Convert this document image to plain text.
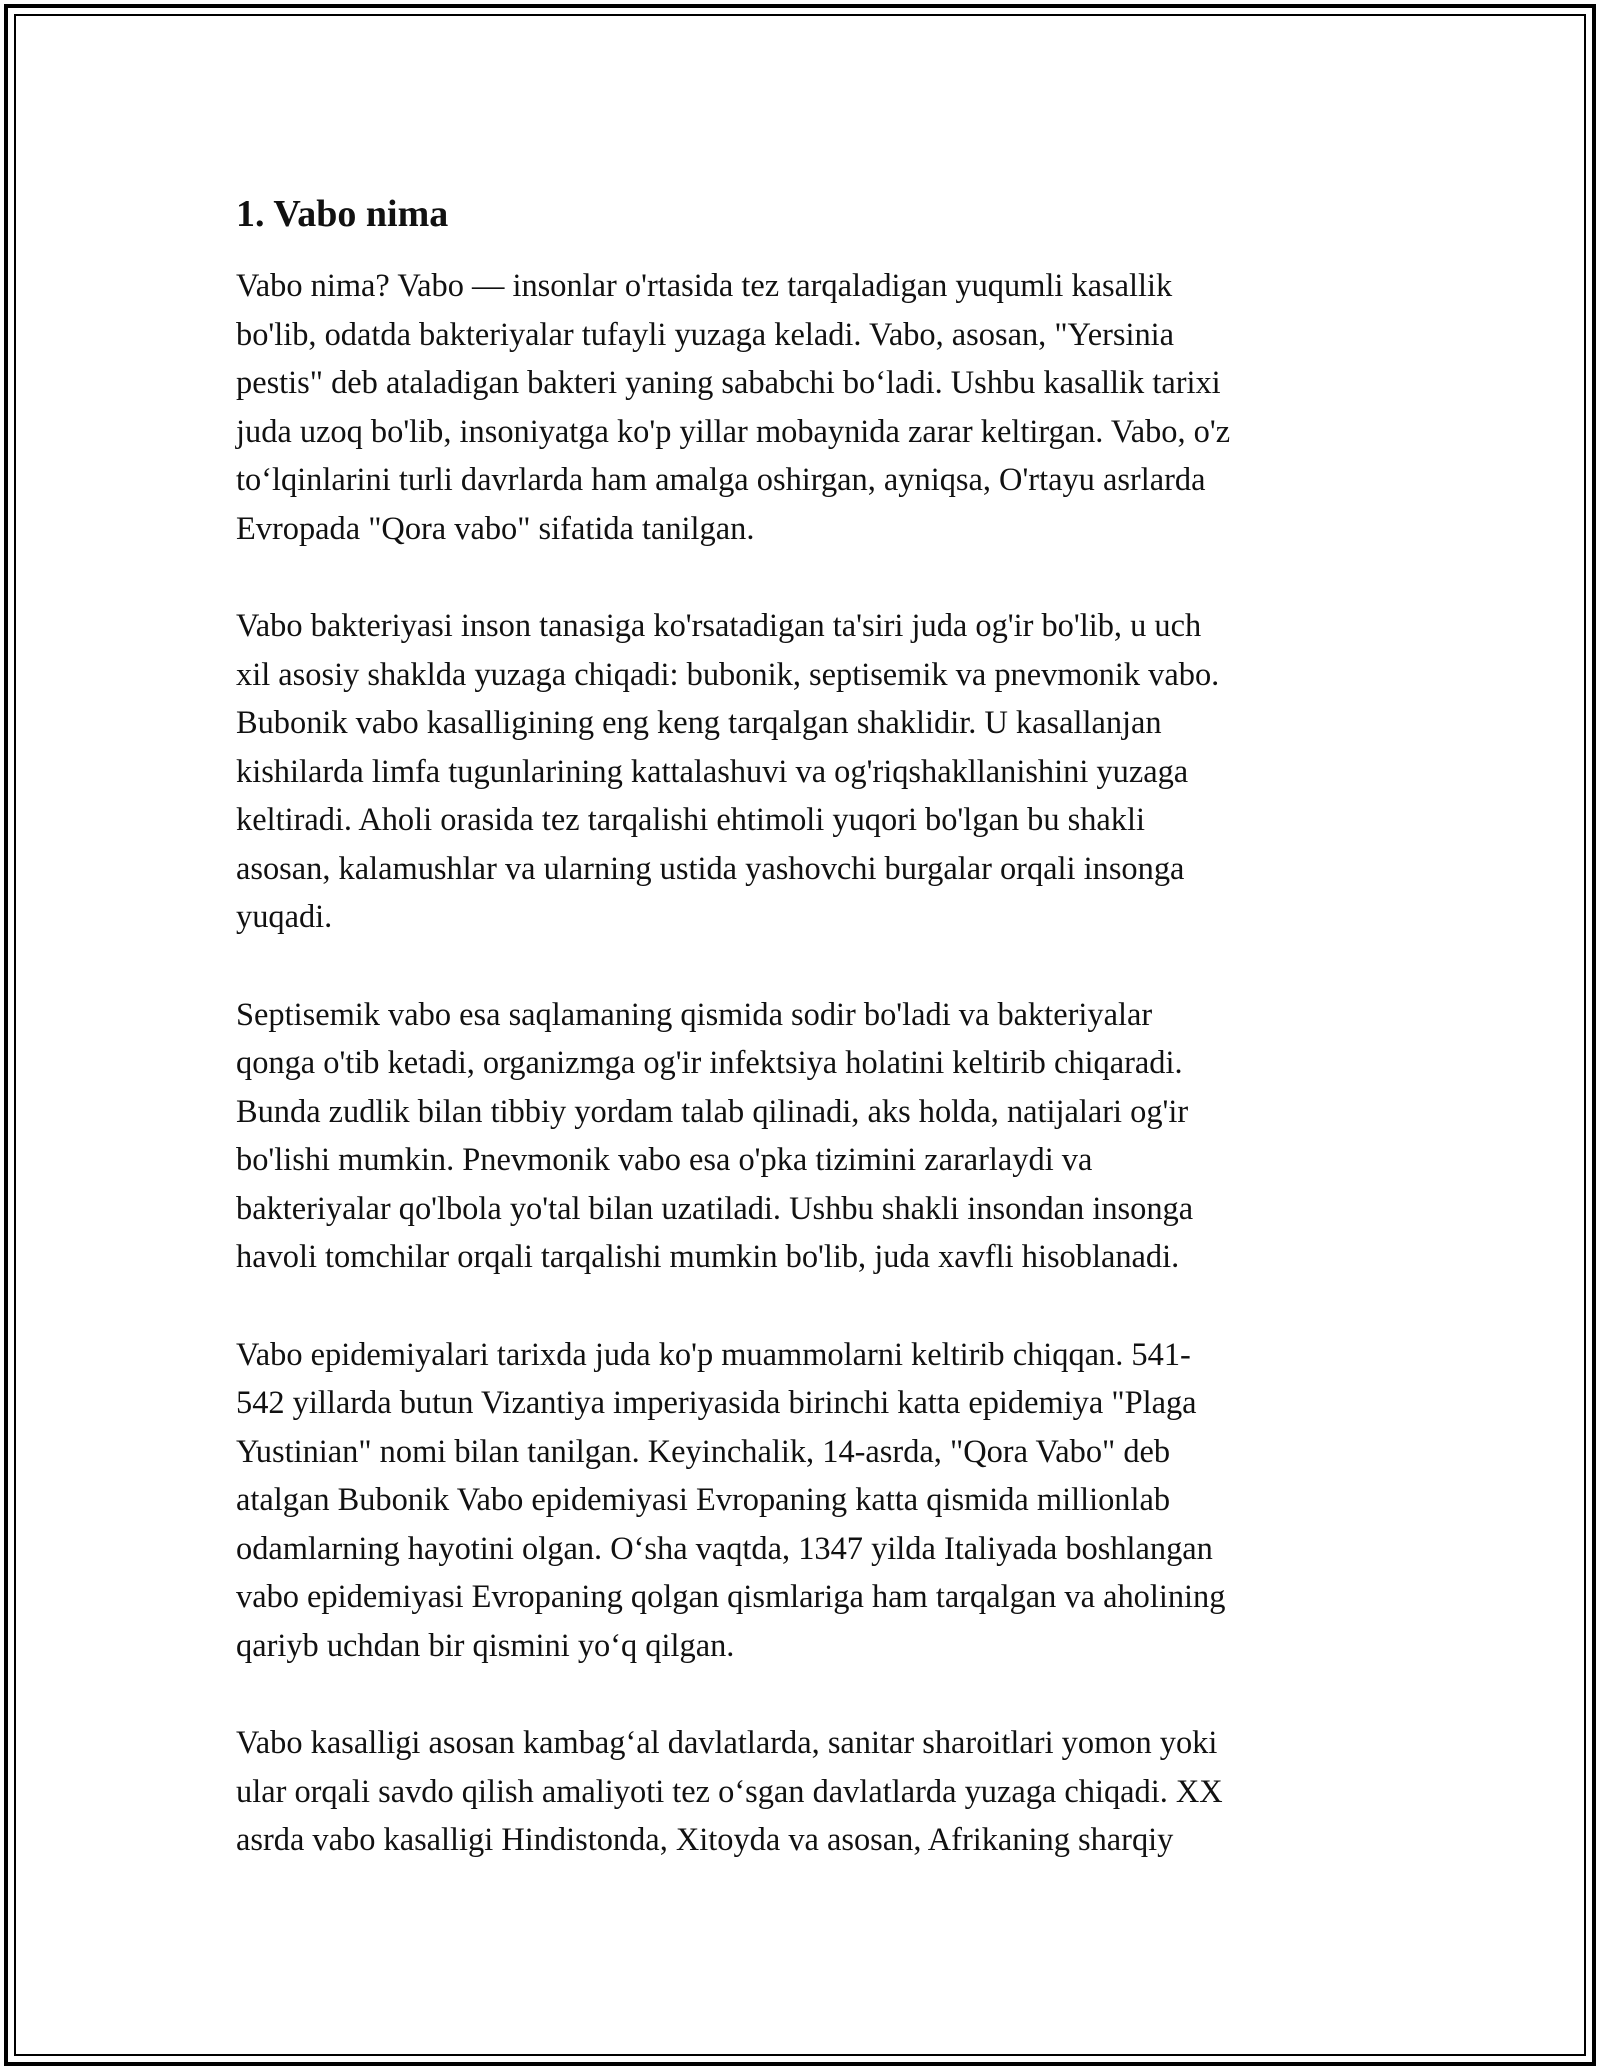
1. Vabo nima

Vabo nima? Vabo — insonlar o'rtasida tez tarqaladigan yuqumli kasallik
bo'lib, odatda bakteriyalar tufayli yuzaga keladi. Vabo, asosan, "Yersinia
pestis" deb ataladigan bakteri yaning sababchi boʻladi. Ushbu kasallik tarixi
juda uzoq bo'lib, insoniyatga ko'p yillar mobaynida zarar keltirgan. Vabo, o'z
toʻlqinlarini turli davrlarda ham amalga oshirgan, ayniqsa, O'rtayu asrlarda
Evropada "Qora vabo" sifatida tanilgan.

Vabo bakteriyasi inson tanasiga ko'rsatadigan ta'siri juda og'ir bo'lib, u uch
xil asosiy shaklda yuzaga chiqadi: bubonik, septisemik va pnevmonik vabo.
Bubonik vabo kasalligining eng keng tarqalgan shaklidir. U kasallanjan
kishilarda limfa tugunlarining kattalashuvi va og'riqshakllanishini yuzaga
keltiradi. Aholi orasida tez tarqalishi ehtimoli yuqori bo'lgan bu shakli
asosan, kalamushlar va ularning ustida yashovchi burgalar orqali insonga
yuqadi.

Septisemik vabo esa saqlamaning qismida sodir bo'ladi va bakteriyalar
qonga o'tib ketadi, organizmga og'ir infektsiya holatini keltirib chiqaradi.
Bunda zudlik bilan tibbiy yordam talab qilinadi, aks holda, natijalari og'ir
bo'lishi mumkin. Pnevmonik vabo esa o'pka tizimini zararlaydi va
bakteriyalar qo'lbola yo'tal bilan uzatiladi. Ushbu shakli insondan insonga
havoli tomchilar orqali tarqalishi mumkin bo'lib, juda xavfli hisoblanadi.

Vabo epidemiyalari tarixda juda ko'p muammolarni keltirib chiqqan. 541-
542 yillarda butun Vizantiya imperiyasida birinchi katta epidemiya "Plaga
Yustinian" nomi bilan tanilgan. Keyinchalik, 14-asrda, "Qora Vabo" deb
atalgan Bubonik Vabo epidemiyasi Evropaning katta qismida millionlab
odamlarning hayotini olgan. Oʻsha vaqtda, 1347 yilda Italiyada boshlangan
vabo epidemiyasi Evropaning qolgan qismlariga ham tarqalgan va aholining
qariyb uchdan bir qismini yoʻq qilgan.

Vabo kasalligi asosan kambagʻal davlatlarda, sanitar sharoitlari yomon yoki
ular orqali savdo qilish amaliyoti tez oʻsgan davlatlarda yuzaga chiqadi. XX
asrda vabo kasalligi Hindistonda, Xitoyda va asosan, Afrikaning sharqiy
